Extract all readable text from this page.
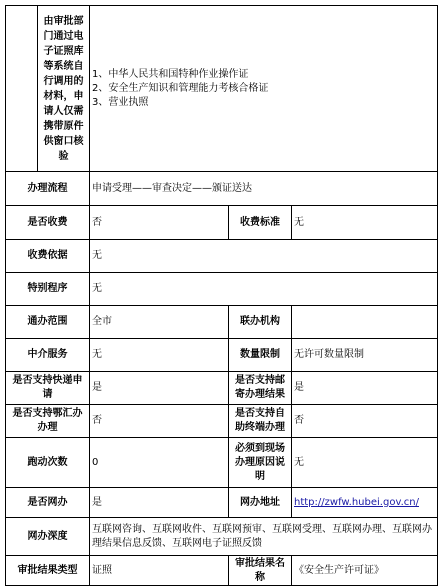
	由审批部门通过电子证照库等系统自行调用的材料，申请人仅需携带原件供窗口核验	1、中华人民共和国特种作业操作证
2、安全生产知识和管理能力考核合格证
3、营业执照		

办理流程		申请受理——审查决定——颁证送达		
是否收费		否	收费标准	无
收费依据		无		
特别程序		无		
通办范围		全市	联办机构	
中介服务		无	数量限制	无许可数量限制
是否支持快递申请		是	是否支持邮寄办理结果	是
是否支持鄂汇办办理		否	是否支持自助终端办理	否
跑动次数		0	必须到现场办理原因说明	无
是否网办		是	网办地址	http://zwfw.hubei.gov.cn/
网办深度		互联网咨询、互联网收件、互联网预审、互联网受理、互联网办理、互联网办理结果信息反馈、互联网电子证照反馈		
审批结果类型		证照	审批结果名称	《安全生产许可证》
